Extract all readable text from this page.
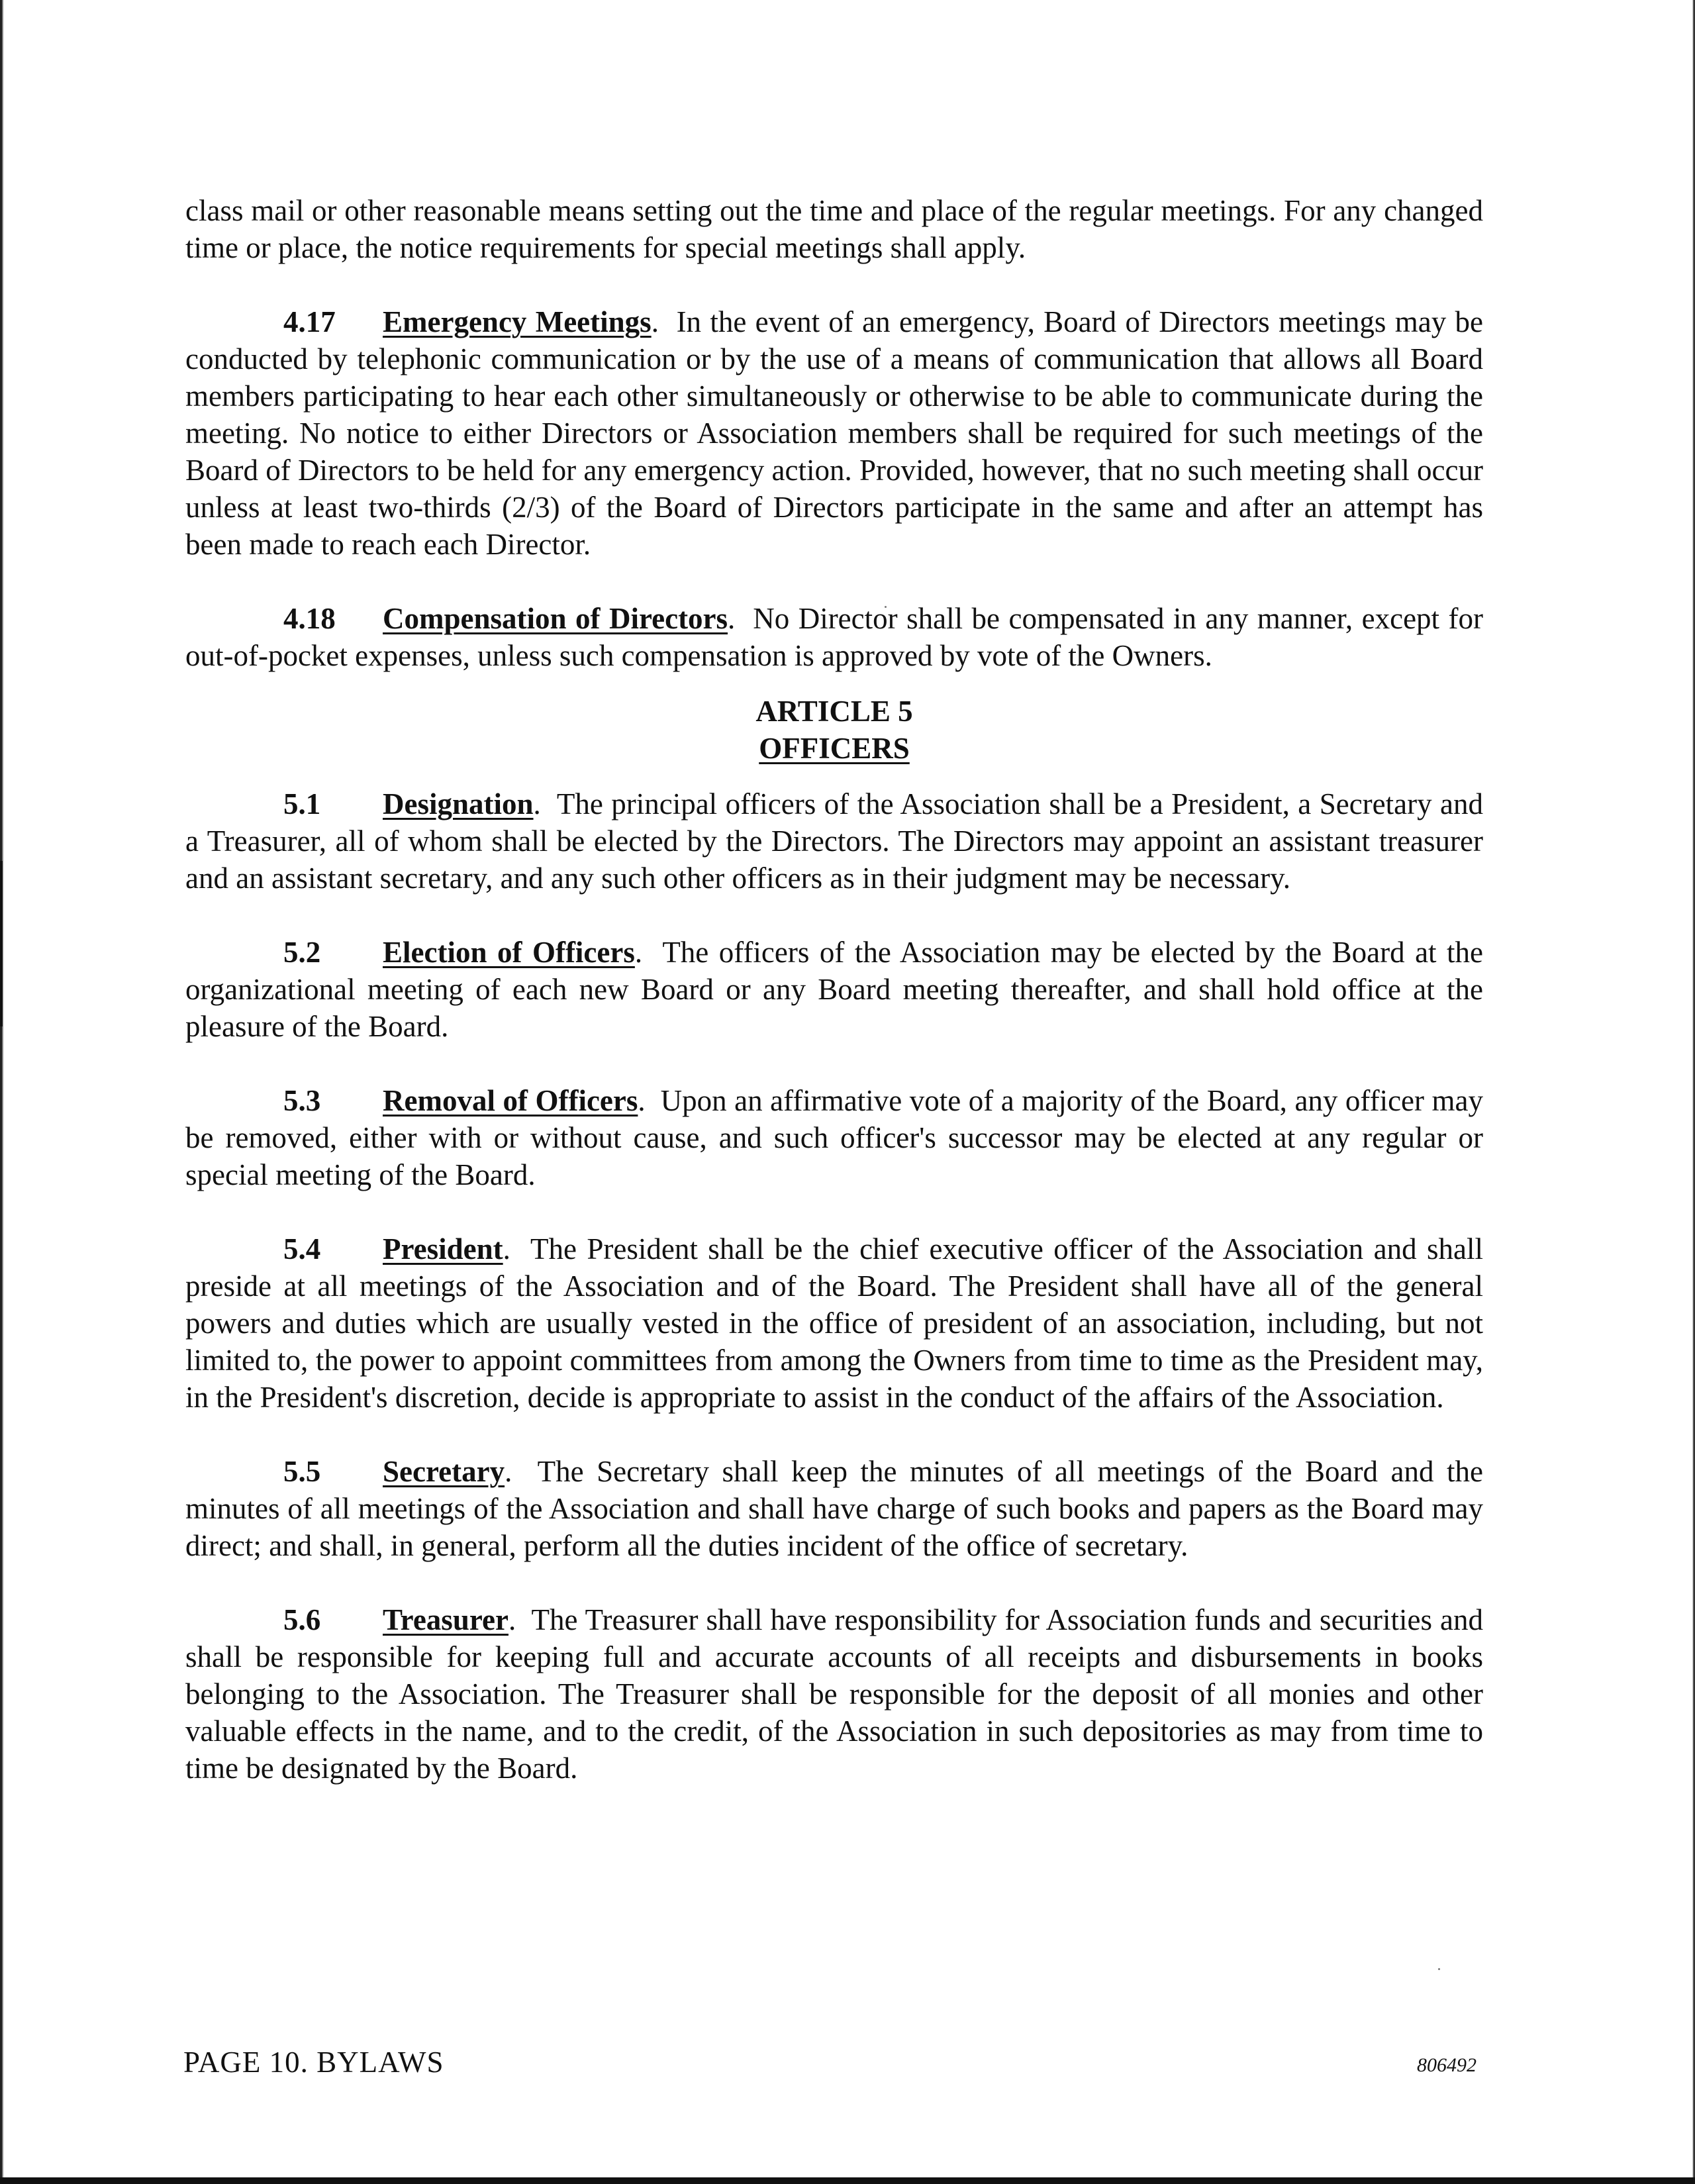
class mail or other reasonable means setting out the time and place of the regular meetings. For any changed time or place, the notice requirements for special meetings shall apply.

4.17 Emergency Meetings.  In the event of an emergency, Board of Directors meetings may be conducted by telephonic communication or by the use of a means of communication that allows all Board members participating to hear each other simultaneously or otherwise to be able to communicate during the meeting. No notice to either Directors or Association members shall be required for such meetings of the Board of Directors to be held for any emergency action. Provided, however, that no such meeting shall occur unless at least two-thirds (2/3) of the Board of Directors participate in the same and after an attempt has been made to reach each Director.

4.18 Compensation of Directors.  No Director shall be compensated in any manner, except for out-of-pocket expenses, unless such compensation is approved by vote of the Owners.

ARTICLE 5
OFFICERS

5.1 Designation.  The principal officers of the Association shall be a President, a Secretary and a Treasurer, all of whom shall be elected by the Directors. The Directors may appoint an assistant treasurer and an assistant secretary, and any such other officers as in their judgment may be necessary.

5.2 Election of Officers.  The officers of the Association may be elected by the Board at the organizational meeting of each new Board or any Board meeting thereafter, and shall hold office at the pleasure of the Board.

5.3 Removal of Officers.  Upon an affirmative vote of a majority of the Board, any officer may be removed, either with or without cause, and such officer's successor may be elected at any regular or special meeting of the Board.

5.4 President.  The President shall be the chief executive officer of the Association and shall preside at all meetings of the Association and of the Board. The President shall have all of the general powers and duties which are usually vested in the office of president of an association, including, but not limited to, the power to appoint committees from among the Owners from time to time as the President may, in the President's discretion, decide is appropriate to assist in the conduct of the affairs of the Association.

5.5 Secretary.  The Secretary shall keep the minutes of all meetings of the Board and the minutes of all meetings of the Association and shall have charge of such books and papers as the Board may direct; and shall, in general, perform all the duties incident of the office of secretary.

5.6 Treasurer.  The Treasurer shall have responsibility for Association funds and securities and shall be responsible for keeping full and accurate accounts of all receipts and disbursements in books belonging to the Association. The Treasurer shall be responsible for the deposit of all monies and other valuable effects in the name, and to the credit, of the Association in such depositories as may from time to time be designated by the Board.

PAGE 10. BYLAWS	806492
